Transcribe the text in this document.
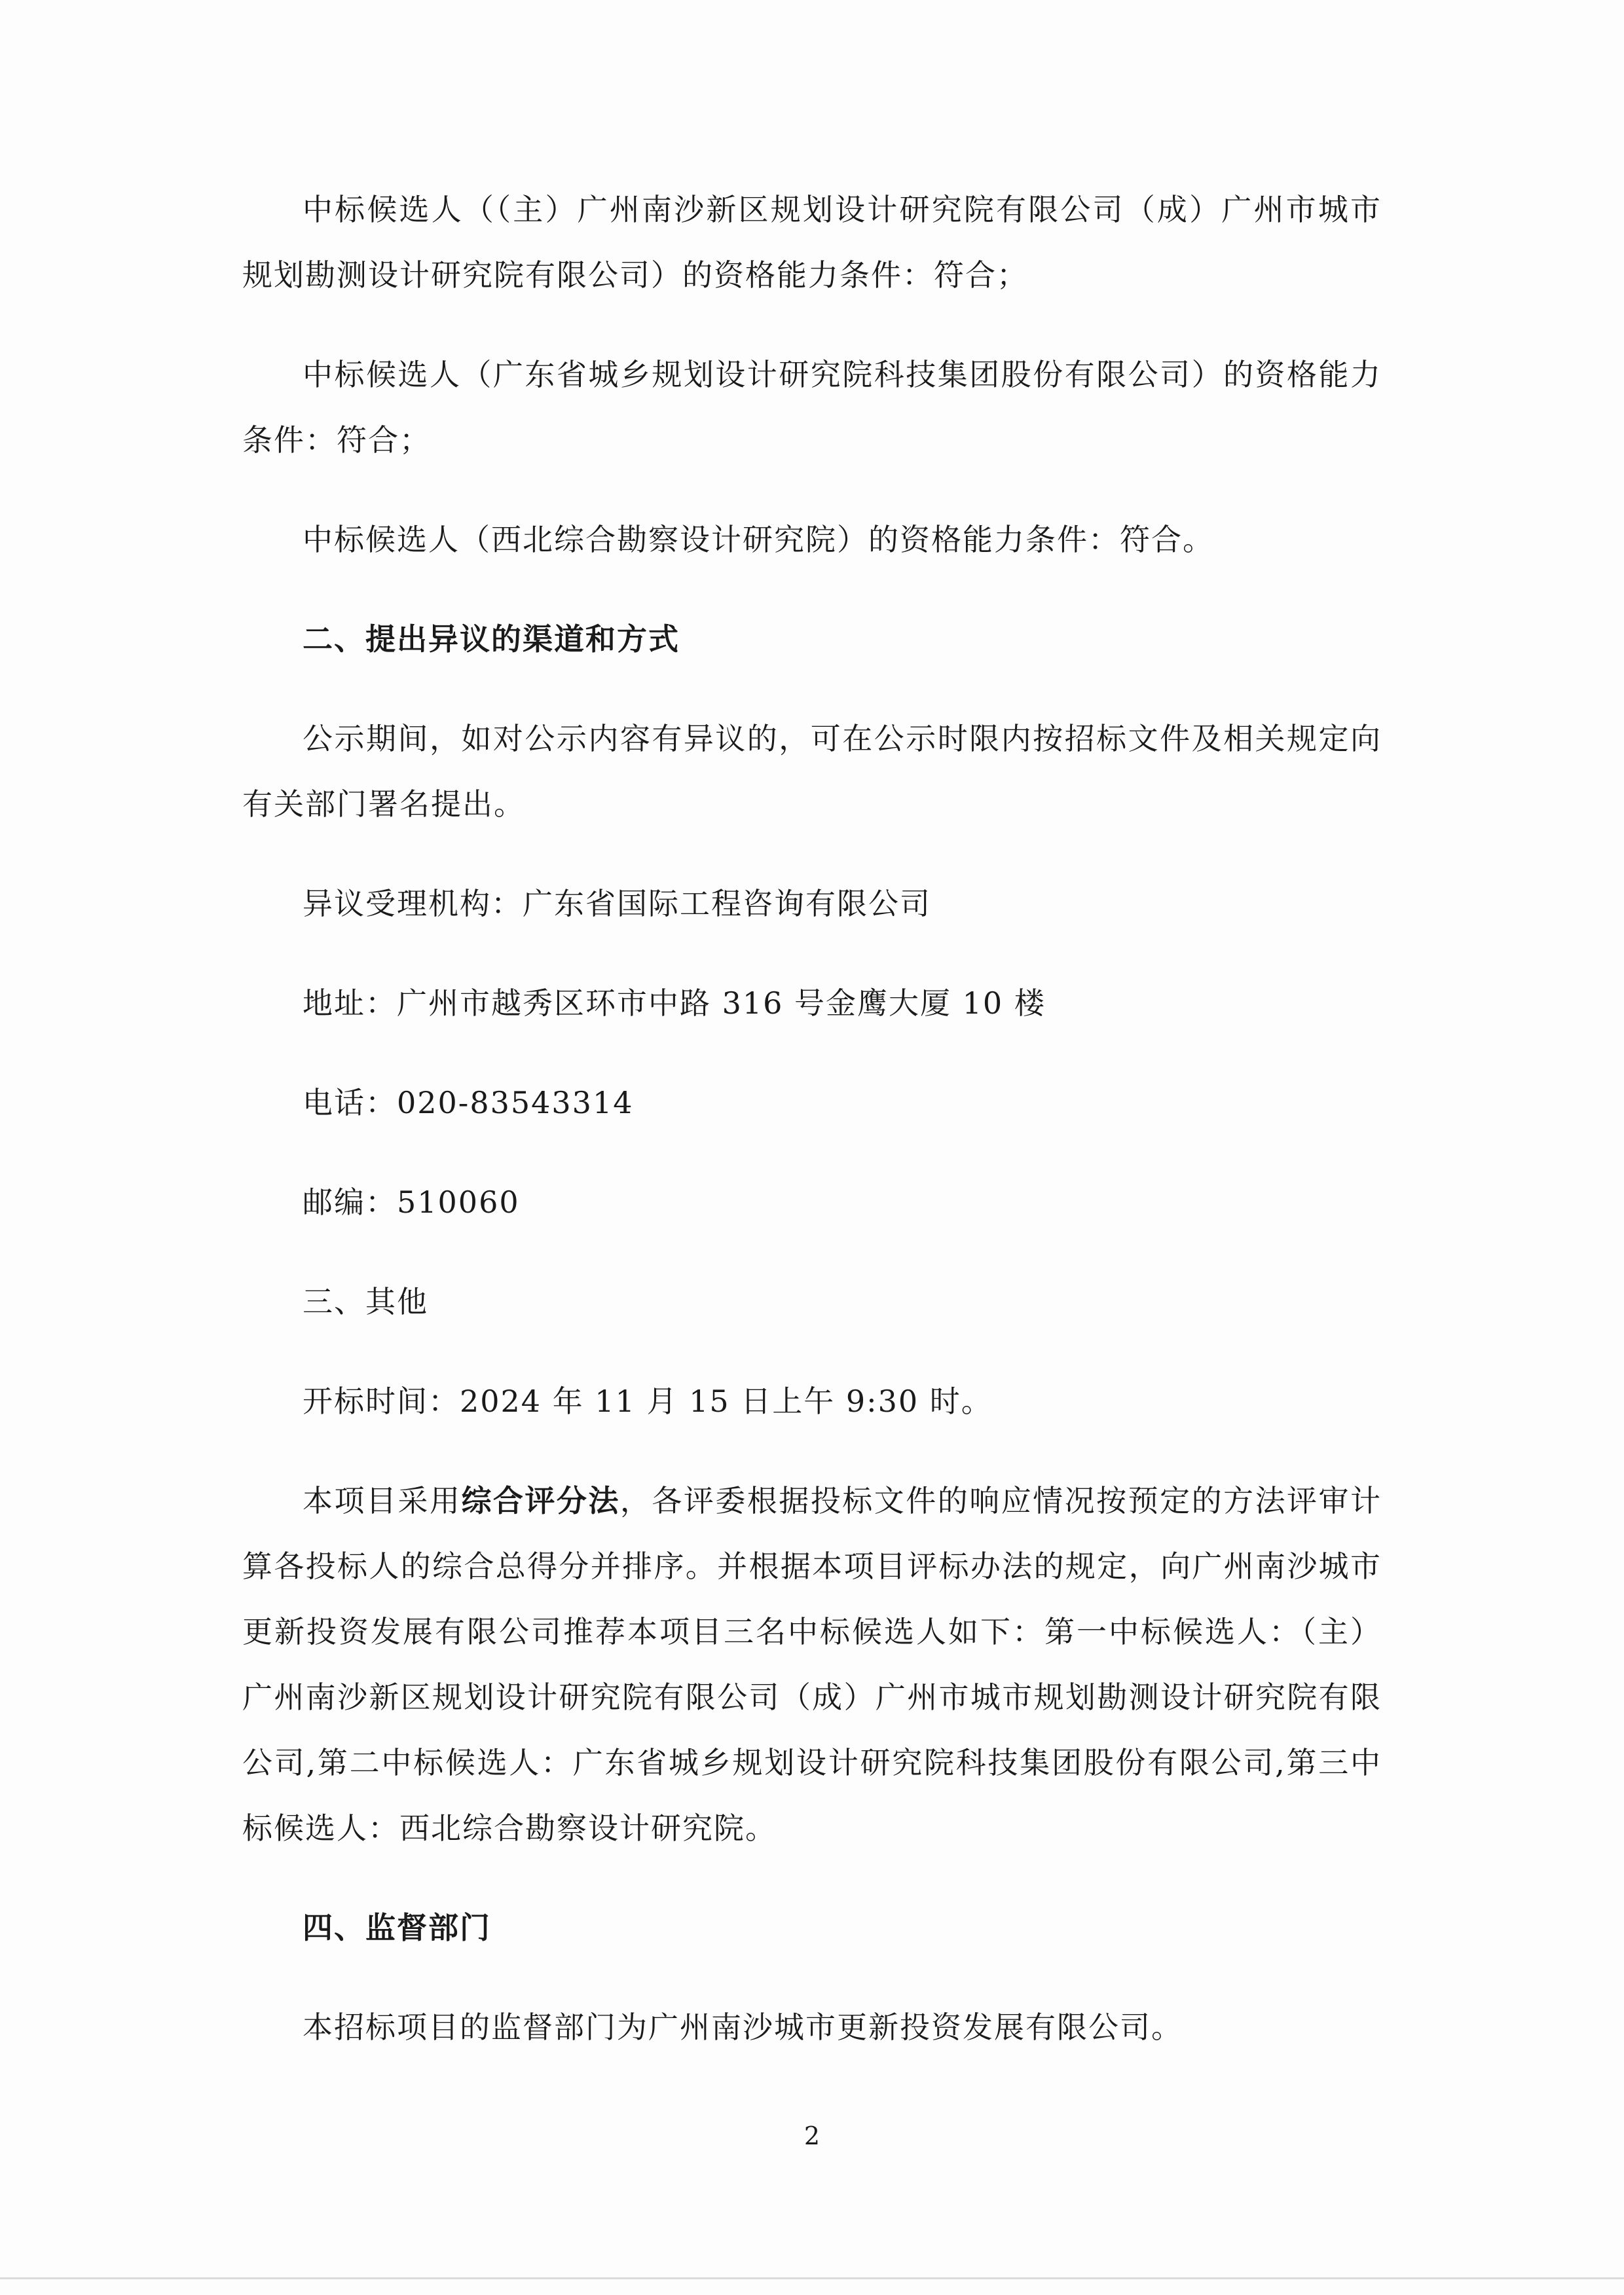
中标候选人（（主）广州南沙新区规划设计研究院有限公司（成）广州市城市规划勘测设计研究院有限公司）的资格能力条件：符合；

中标候选人（广东省城乡规划设计研究院科技集团股份有限公司）的资格能力条件：符合；

中标候选人（西北综合勘察设计研究院）的资格能力条件：符合。

二、提出异议的渠道和方式

公示期间，如对公示内容有异议的，可在公示时限内按招标文件及相关规定向有关部门署名提出。

异议受理机构：广东省国际工程咨询有限公司

地址：广州市越秀区环市中路 316 号金鹰大厦 10 楼

电话：020-83543314

邮编：510060

三、其他

开标时间：2024 年 11 月 15 日上午 9:30 时。

本项目采用综合评分法，各评委根据投标文件的响应情况按预定的方法评审计算各投标人的综合总得分并排序。并根据本项目评标办法的规定，向广州南沙城市更新投资发展有限公司推荐本项目三名中标候选人如下：第一中标候选人：（主）广州南沙新区规划设计研究院有限公司（成）广州市城市规划勘测设计研究院有限公司,第二中标候选人：广东省城乡规划设计研究院科技集团股份有限公司,第三中标候选人：西北综合勘察设计研究院。

四、监督部门

本招标项目的监督部门为广州南沙城市更新投资发展有限公司。

2
